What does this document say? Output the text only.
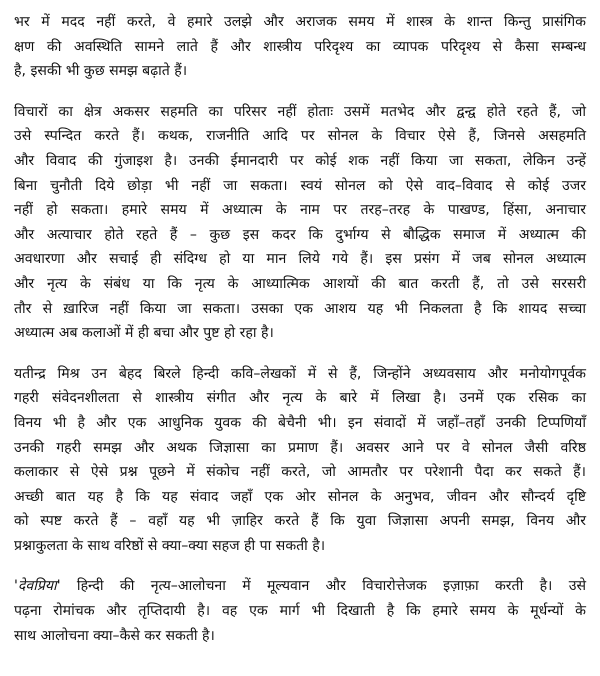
भर में मदद नहीं करते, वे हमारे उलझे और अराजक समय में शास्त्र के शान्त किन्तु प्रासंगिक
क्षण की अवस्थिति सामने लाते हैं और शास्त्रीय परिदृश्य का व्यापक परिदृश्य से कैसा सम्बन्ध
है, इसकी भी कुछ समझ बढ़ाते हैं।

विचारों का क्षेत्र अकसर सहमति का परिसर नहीं होताः उसमें मतभेद और द्वन्द्व होते रहते हैं, जो
उसे स्पन्दित करते हैं। कथक, राजनीति आदि पर सोनल के विचार ऐसे हैं, जिनसे असहमति
और विवाद की गुंजाइश है। उनकी ईमानदारी पर कोई शक नहीं किया जा सकता, लेकिन उन्हें
बिना चुनौती दिये छोड़ा भी नहीं जा सकता। स्वयं सोनल को ऐसे वाद–विवाद से कोई उजर
नहीं हो सकता। हमारे समय में अध्यात्म के नाम पर तरह–तरह के पाखण्ड, हिंसा, अनाचार
और अत्याचार होते रहते हैं – कुछ इस कदर कि दुर्भाग्य से बौद्धिक समाज में अध्यात्म की
अवधारणा और सचाई ही संदिग्ध हो या मान लिये गये हैं। इस प्रसंग में जब सोनल अध्यात्म
और नृत्य के संबंध या कि नृत्य के आध्यात्मिक आशयों की बात करती हैं, तो उसे सरसरी
तौर से ख़ारिज नहीं किया जा सकता। उसका एक आशय यह भी निकलता है कि शायद सच्चा
अध्यात्म अब कलाओं में ही बचा और पुष्ट हो रहा है।

यतीन्द्र मिश्र उन बेहद बिरले हिन्दी कवि–लेखकों में से हैं, जिन्होंने अध्यवसाय और मनोयोगपूर्वक
गहरी संवेदनशीलता से शास्त्रीय संगीत और नृत्य के बारे में लिखा है। उनमें एक रसिक का
विनय भी है और एक आधुनिक युवक की बेचैनी भी। इन संवादों में जहाँ–तहाँ उनकी टिप्पणियाँ
उनकी गहरी समझ और अथक जिज्ञासा का प्रमाण हैं। अवसर आने पर वे सोनल जैसी वरिष्ठ
कलाकार से ऐसे प्रश्न पूछने में संकोच नहीं करते, जो आमतौर पर परेशानी पैदा कर सकते हैं।
अच्छी बात यह है कि यह संवाद जहाँ एक ओर सोनल के अनुभव, जीवन और सौन्दर्य दृष्टि
को स्पष्ट करते हैं – वहाँ यह भी ज़ाहिर करते हैं कि युवा जिज्ञासा अपनी समझ, विनय और
प्रश्नाकुलता के साथ वरिष्ठों से क्या–क्या सहज ही पा सकती है।

'देवप्रिया' हिन्दी की नृत्य–आलोचना में मूल्यवान और विचारोत्तेजक इज़ाफ़ा करती है। उसे
पढ़ना रोमांचक और तृप्तिदायी है। वह एक मार्ग भी दिखाती है कि हमारे समय के मूर्धन्यों के
साथ आलोचना क्या–कैसे कर सकती है।
